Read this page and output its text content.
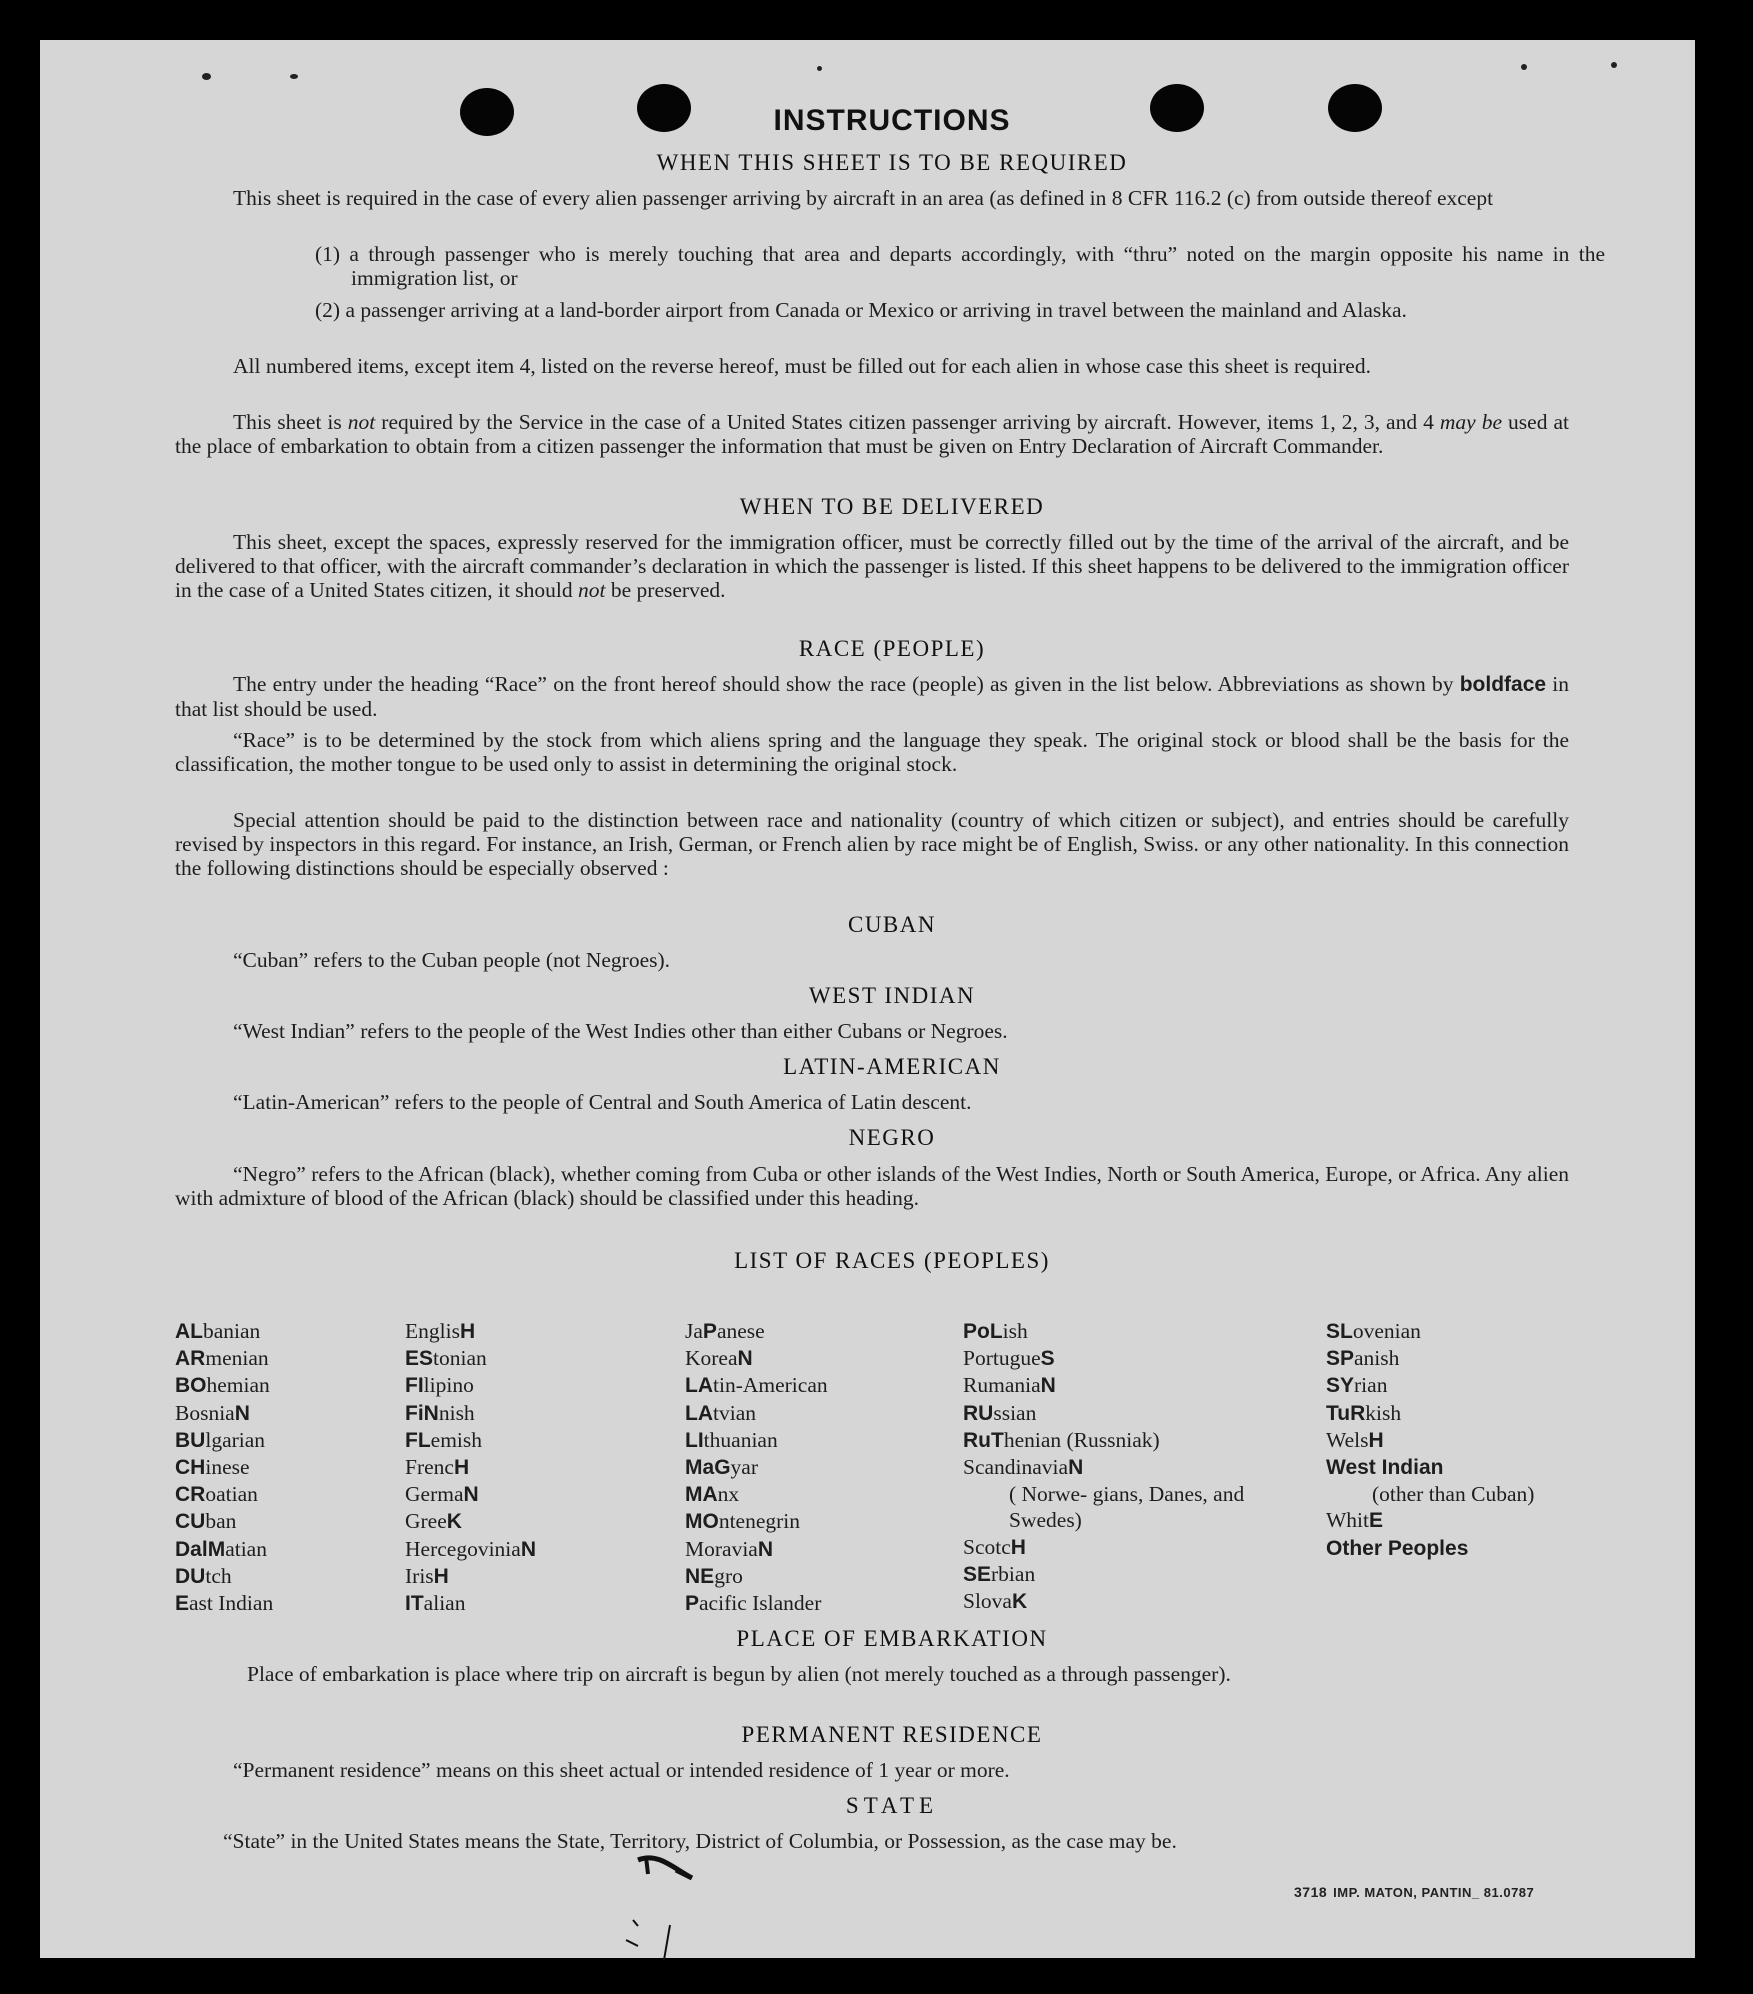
INSTRUCTIONS
WHEN THIS SHEET IS TO BE REQUIRED
This sheet is required in the case of every alien passenger arriving by aircraft in an area (as defined in 8 CFR 116.2 (c) from outside thereof except
(1) a through passenger who is merely touching that area and departs accordingly, with “thru” noted on the margin opposite his name in the immigration list, or
(2) a passenger arriving at a land-border airport from Canada or Mexico or arriving in travel between the mainland and Alaska.
All numbered items, except item 4, listed on the reverse hereof, must be filled out for each alien in whose case this sheet is required.
This sheet is not required by the Service in the case of a United States citizen passenger arriving by aircraft. However, items 1, 2, 3, and 4 may be used at the place of embarkation to obtain from a citizen passenger the information that must be given on Entry Declaration of Aircraft Commander.
WHEN TO BE DELIVERED
This sheet, except the spaces, expressly reserved for the immigration officer, must be correctly filled out by the time of the arrival of the aircraft, and be delivered to that officer, with the aircraft commander’s declaration in which the passenger is listed. If this sheet happens to be delivered to the immigration officer in the case of a United States citizen, it should not be preserved.
RACE (PEOPLE)
The entry under the heading “Race” on the front hereof should show the race (people) as given in the list below. Abbreviations as shown by boldface in that list should be used.
“Race” is to be determined by the stock from which aliens spring and the language they speak. The original stock or blood shall be the basis for the classification, the mother tongue to be used only to assist in determining the original stock.
Special attention should be paid to the distinction between race and nationality (country of which citizen or subject), and entries should be carefully revised by inspectors in this regard. For instance, an Irish, German, or French alien by race might be of English, Swiss. or any other nationality. In this connection the following distinctions should be especially observed :
CUBAN
“Cuban” refers to the Cuban people (not Negroes).
WEST INDIAN
“West Indian” refers to the people of the West Indies other than either Cubans or Negroes.
LATIN-AMERICAN
“Latin-American” refers to the people of Central and South America of Latin descent.
NEGRO
“Negro” refers to the African (black), whether coming from Cuba or other islands of the West Indies, North or South America, Europe, or Africa. Any alien with admixture of blood of the African (black) should be classified under this heading.
LIST OF RACES (PEOPLES)
ALbanian
ARmenian
BOhemian
BosniaN
BUlgarian
CHinese
CRoatian
CUban
DalMatian
DUtch
East Indian
EnglisH
EStonian
FIlipino
FiNnish
FLemish
FrencH
GermaN
GreeK
HercegoviniaN
IrisH
ITalian
JaPanese
KoreaN
LAtin-American
LAtvian
LIthuanian
MaGyar
MAnx
MOntenegrin
MoraviaN
NEgro
Pacific Islander
PoLish
PortugueS
RumaniaN
RUssian
RuThenian (Russniak)
ScandinaviaN
( Norwe- gians, Danes, and Swedes)
ScotcH
SErbian
SlovaK
SLovenian
SPanish
SYrian
TuRkish
WelsH
West Indian
(other than Cuban)
WhitE
Other Peoples
PLACE OF EMBARKATION
Place of embarkation is place where trip on aircraft is begun by alien (not merely touched as a through passenger).
PERMANENT RESIDENCE
“Permanent residence” means on this sheet actual or intended residence of 1 year or more.
STATE
“State” in the United States means the State, Territory, District of Columbia, or Possession, as the case may be.
3718 IMP. MATON, PANTIN_ 81.0787
